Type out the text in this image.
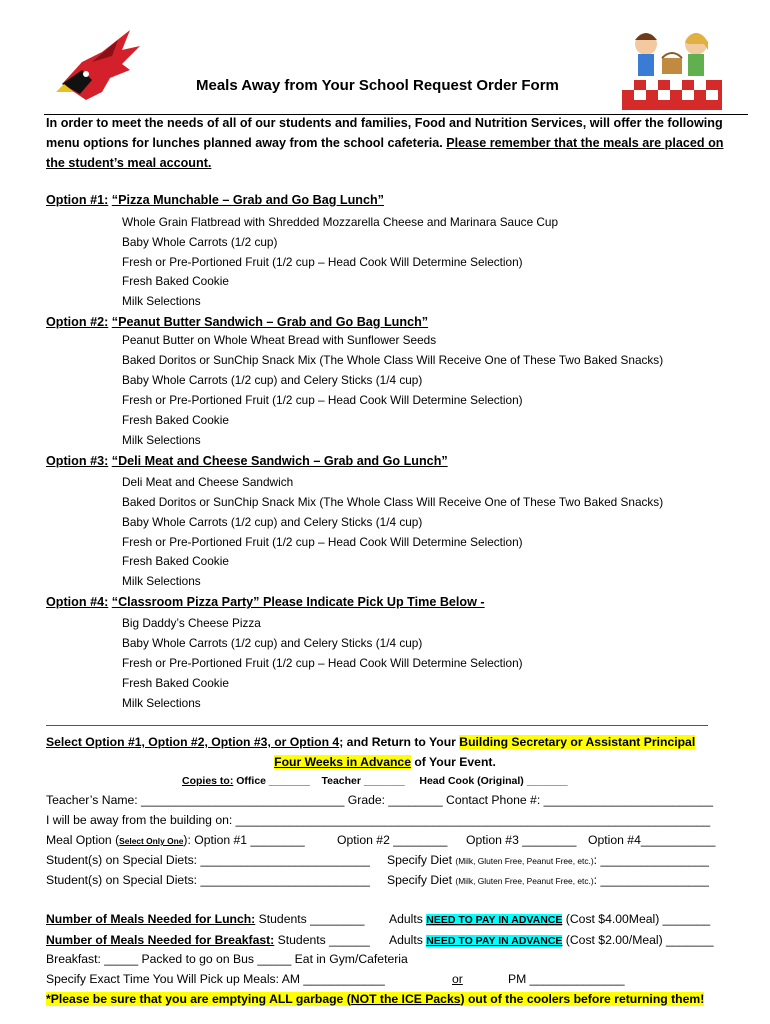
Meals Away from Your School Request Order Form
In order to meet the needs of all of our students and families, Food and Nutrition Services, will offer the following menu options for lunches planned away from the school cafeteria. Please remember that the meals are placed on the student’s meal account.
Option #1: “Pizza Munchable – Grab and Go Bag Lunch”
Whole Grain Flatbread with Shredded Mozzarella Cheese and Marinara Sauce Cup
Baby Whole Carrots (1/2 cup)
Fresh or Pre-Portioned Fruit (1/2 cup – Head Cook Will Determine Selection)
Fresh Baked Cookie
Milk Selections
Option #2: “Peanut Butter Sandwich – Grab and Go Bag Lunch”
Peanut Butter on Whole Wheat Bread with Sunflower Seeds
Baked Doritos or SunChip Snack Mix (The Whole Class Will Receive One of These Two Baked Snacks)
Baby Whole Carrots (1/2 cup) and Celery Sticks (1/4 cup)
Fresh or Pre-Portioned Fruit (1/2 cup – Head Cook Will Determine Selection)
Fresh Baked Cookie
Milk Selections
Option #3: “Deli Meat and Cheese Sandwich – Grab and Go Lunch”
Deli Meat and Cheese Sandwich
Baked Doritos or SunChip Snack Mix (The Whole Class Will Receive One of These Two Baked Snacks)
Baby Whole Carrots (1/2 cup) and Celery Sticks (1/4 cup)
Fresh or Pre-Portioned Fruit (1/2 cup – Head Cook Will Determine Selection)
Fresh Baked Cookie
Milk Selections
Option #4: “Classroom Pizza Party” Please Indicate Pick Up Time Below -
Big Daddy’s Cheese Pizza
Baby Whole Carrots (1/2 cup) and Celery Sticks (1/4 cup)
Fresh or Pre-Portioned Fruit (1/2 cup – Head Cook Will Determine Selection)
Fresh Baked Cookie
Milk Selections
Select Option #1, Option #2, Option #3, or Option 4; and Return to Your Building Secretary or Assistant Principal
Four Weeks in Advance of Your Event.
Copies to: Office _______ Teacher _______ Head Cook (Original) _______
Teacher’s Name: ______________________________ Grade: ________ Contact Phone #: _________________________
I will be away from the building on: ______________________________________________________________________
Meal Option (Select Only One): Option #1 ________	Option #2 ________ Option #3 ________ Option #4___________
Student(s) on Special Diets: _________________________ Specify Diet (Milk, Gluten Free, Peanut Free, etc.): ________________
Student(s) on Special Diets: _________________________ Specify Diet (Milk, Gluten Free, Peanut Free, etc.): ________________
Number of Meals Needed for Lunch: Students ________ Adults NEED TO PAY IN ADVANCE (Cost $4.00Meal) _______
Number of Meals Needed for Breakfast: Students ______ Adults NEED TO PAY IN ADVANCE (Cost $2.00/Meal) _______
Breakfast: _____ Packed to go on Bus _____ Eat in Gym/Cafeteria
Specify Exact Time You Will Pick up Meals: AM ____________	or	PM ______________
*Please be sure that you are emptying ALL garbage (NOT the ICE Packs) out of the coolers before returning them!
